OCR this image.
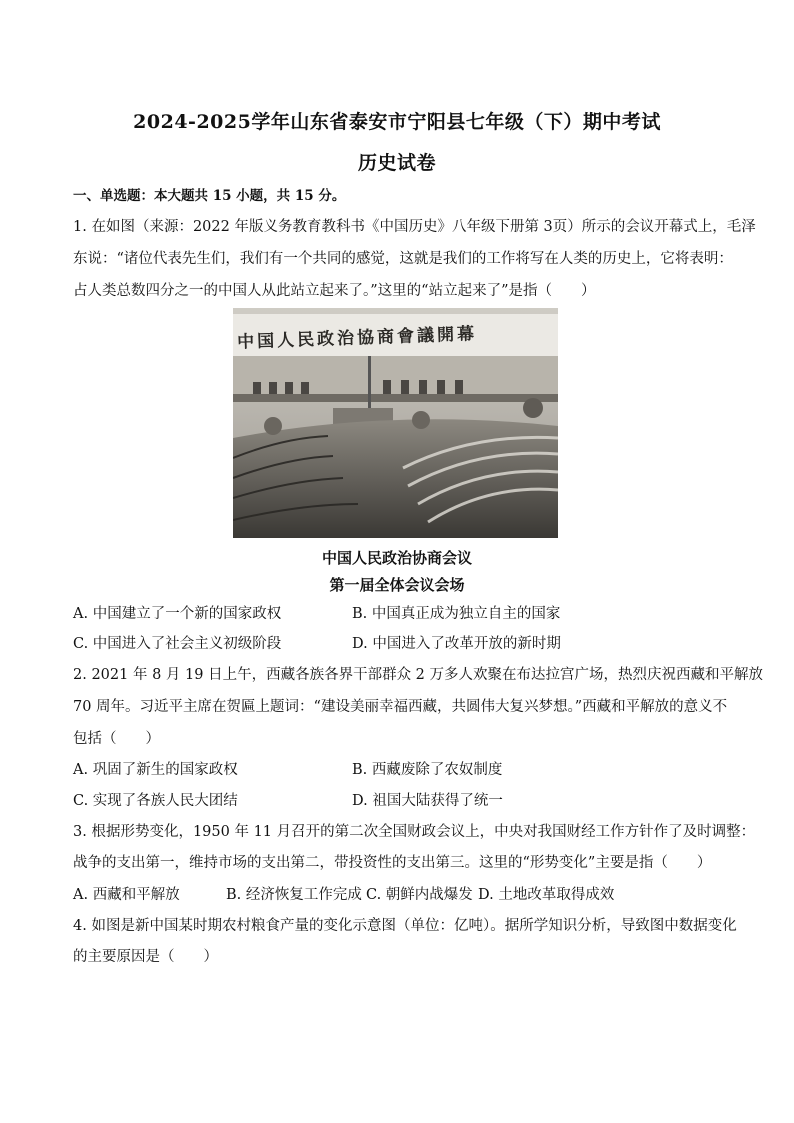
2024-2025学年山东省泰安市宁阳县七年级（下）期中考试
历史试卷
一、单选题：本大题共 15 小题，共 15 分。
1. 在如图（来源：2022 年版义务教育教科书《中国历史》八年级下册第 3页）所示的会议开幕式上，毛泽
东说：“诸位代表先生们，我们有一个共同的感觉，这就是我们的工作将写在人类的历史上，它将表明：
占人类总数四分之一的中国人从此站立起来了。”这里的“站立起来了”是指（　　）
中国人民政治協商會議開幕
中国人民政治协商会议
第一届全体会议会场
A. 中国建立了一个新的国家政权	B. 中国真正成为独立自主的国家
C. 中国进入了社会主义初级阶段	D. 中国进入了改革开放的新时期
2. 2021 年 8 月 19 日上午，西藏各族各界干部群众 2 万多人欢聚在布达拉宫广场，热烈庆祝西藏和平解放
70 周年。习近平主席在贺匾上题词：“建设美丽幸福西藏，共圆伟大复兴梦想。”西藏和平解放的意义不
包括（　　）
A. 巩固了新生的国家政权	B. 西藏废除了农奴制度
C. 实现了各族人民大团结	D. 祖国大陆获得了统一
3. 根据形势变化，1950 年 11 月召开的第二次全国财政会议上，中央对我国财经工作方针作了及时调整：
战争的支出第一，维持市场的支出第二，带投资性的支出第三。这里的“形势变化”主要是指（　　）
A. 西藏和平解放	B. 经济恢复工作完成 C. 朝鲜内战爆发 D. 土地改革取得成效
4. 如图是新中国某时期农村粮食产量的变化示意图（单位：亿吨）。据所学知识分析，导致图中数据变化
的主要原因是（　　）
